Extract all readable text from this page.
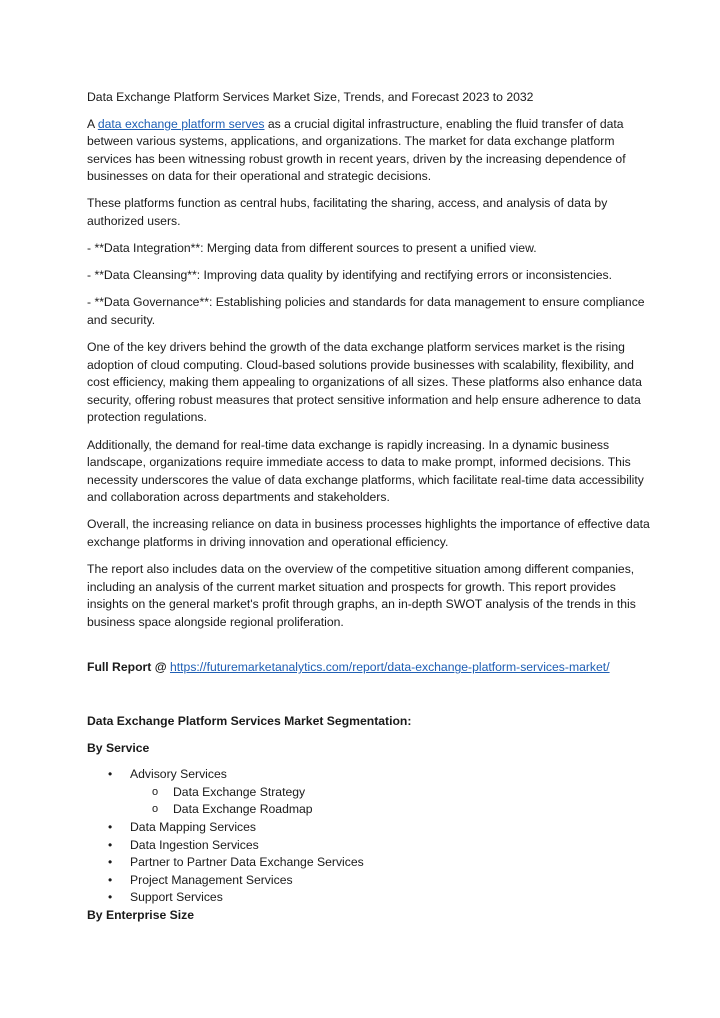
Data Exchange Platform Services Market Size, Trends, and Forecast 2023 to 2032

A data exchange platform serves as a crucial digital infrastructure, enabling the fluid transfer of data between various systems, applications, and organizations. The market for data exchange platform services has been witnessing robust growth in recent years, driven by the increasing dependence of businesses on data for their operational and strategic decisions.

These platforms function as central hubs, facilitating the sharing, access, and analysis of data by authorized users.

- **Data Integration**: Merging data from different sources to present a unified view.

- **Data Cleansing**: Improving data quality by identifying and rectifying errors or inconsistencies.

- **Data Governance**: Establishing policies and standards for data management to ensure compliance and security.

One of the key drivers behind the growth of the data exchange platform services market is the rising adoption of cloud computing. Cloud-based solutions provide businesses with scalability, flexibility, and cost efficiency, making them appealing to organizations of all sizes. These platforms also enhance data security, offering robust measures that protect sensitive information and help ensure adherence to data protection regulations.

Additionally, the demand for real-time data exchange is rapidly increasing. In a dynamic business landscape, organizations require immediate access to data to make prompt, informed decisions. This necessity underscores the value of data exchange platforms, which facilitate real-time data accessibility and collaboration across departments and stakeholders.

Overall, the increasing reliance on data in business processes highlights the importance of effective data exchange platforms in driving innovation and operational efficiency.

The report also includes data on the overview of the competitive situation among different companies, including an analysis of the current market situation and prospects for growth. This report provides insights on the general market's profit through graphs, an in-depth SWOT analysis of the trends in this business space alongside regional proliferation.

Full Report @ https://futuremarketanalytics.com/report/data-exchange-platform-services-market/

Data Exchange Platform Services Market Segmentation:

By Service

• Advisory Services
o Data Exchange Strategy
o Data Exchange Roadmap
• Data Mapping Services
• Data Ingestion Services
• Partner to Partner Data Exchange Services
• Project Management Services
• Support Services

By Enterprise Size
